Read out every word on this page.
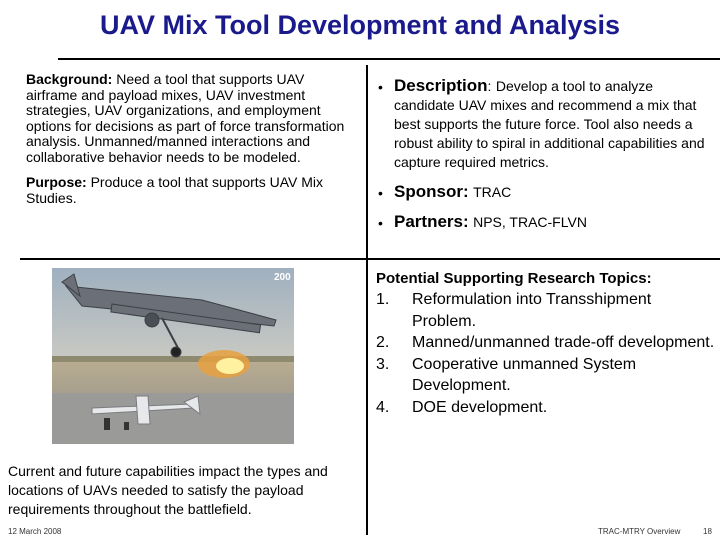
UAV Mix Tool Development and Analysis

Background: Need a tool that supports UAV airframe and payload mixes, UAV investment strategies, UAV organizations, and employment options for decisions as part of force transformation analysis. Unmanned/manned interactions and collaborative behavior needs to be modeled.

Purpose: Produce a tool that supports UAV Mix Studies.

• Description: Develop a tool to analyze candidate UAV mixes and recommend a mix that best supports the future force. Tool also needs a robust ability to spiral in additional capabilities and capture required metrics.
• Sponsor: TRAC
• Partners: NPS, TRAC-FLVN
200
Current and future capabilities impact the types and locations of UAVs needed to satisfy the payload requirements throughout the battlefield.
Potential Supporting Research Topics:
1. Reformulation into Transshipment Problem.
2. Manned/unmanned trade-off development.
3. Cooperative unmanned System Development.
4. DOE development.
12 March 2008	TRAC-MTRY Overview	18
